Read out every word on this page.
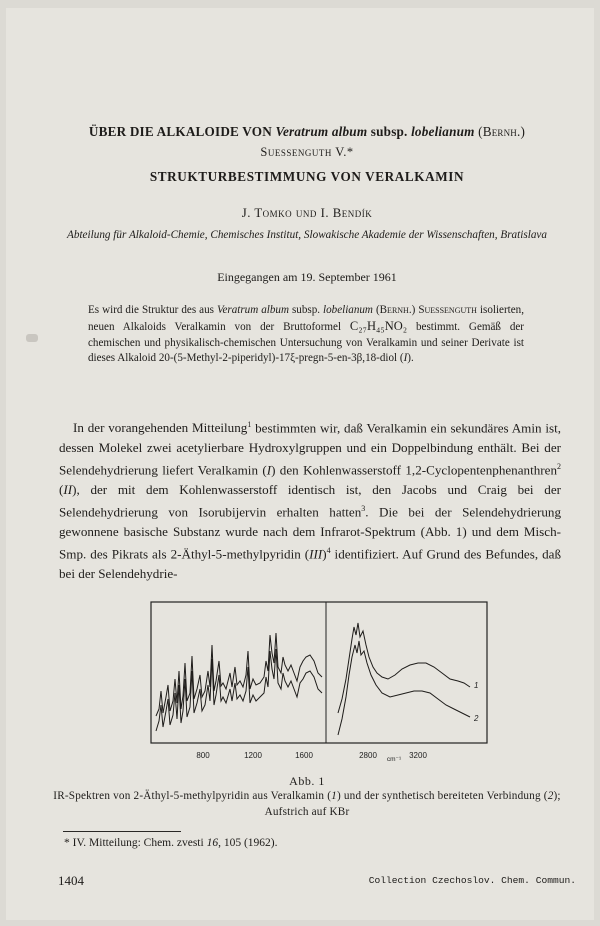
ÜBER DIE ALKALOIDE VON Veratrum album subsp. lobelianum (Bernh.)
Suessenguth V.*
STRUKTURBESTIMMUNG VON VERALKAMIN
J. Tomko und I. Bendík
Abteilung für Alkaloid-Chemie, Chemisches Institut, Slowakische Akademie der Wissenschaften, Bratislava
Eingegangen am 19. September 1961
Es wird die Struktur des aus Veratrum album subsp. lobelianum (Bernh.) Suessenguth isolierten, neuen Alkaloids Veralkamin von der Bruttoformel C₂₇H₄₅NO₂ bestimmt. Gemäß der chemischen und physikalisch-chemischen Untersuchung von Veralkamin und seiner Derivate ist dieses Alkaloid 20-(5-Methyl-2-piperidyl)-17ξ-pregn-5-en-3β,18-diol (I).
In der vorangehenden Mitteilung$^1$ bestimmten wir, daß Veralkamin ein sekundäres Amin ist, dessen Molekel zwei acetylierbare Hydroxylgruppen und ein Doppelbindung enthält. Bei der Selendehydrierung liefert Veralkamin (I) den Kohlenwasserstoff 1,2-Cyclopentenphenanthren$^2$ (II), der mit dem Kohlenwasserstoff identisch ist, den Jacobs und Craig bei der Selendehydrierung von Isorubijervin erhalten hatten$^3$. Die bei der Selendehydrierung gewonnene basische Substanz wurde nach dem Infrarot-Spektrum (Abb. 1) und dem Misch-Smp. des Pikrats als 2-Äthyl-5-methylpyridin (III)$^4$ identifiziert. Auf Grund des Befundes, daß bei der Selendehydrie-
1
2
800	1200	1600	2800 cm⁻¹ 3200
Abb. 1
IR-Spektren von 2-Äthyl-5-methylpyridin aus Veralkamin (1) und der synthetisch bereiteten Verbindung (2); Aufstrich auf KBr
* IV. Mitteilung: Chem. zvesti 16, 105 (1962).
1404	Collection Czechoslov. Chem. Commun.
